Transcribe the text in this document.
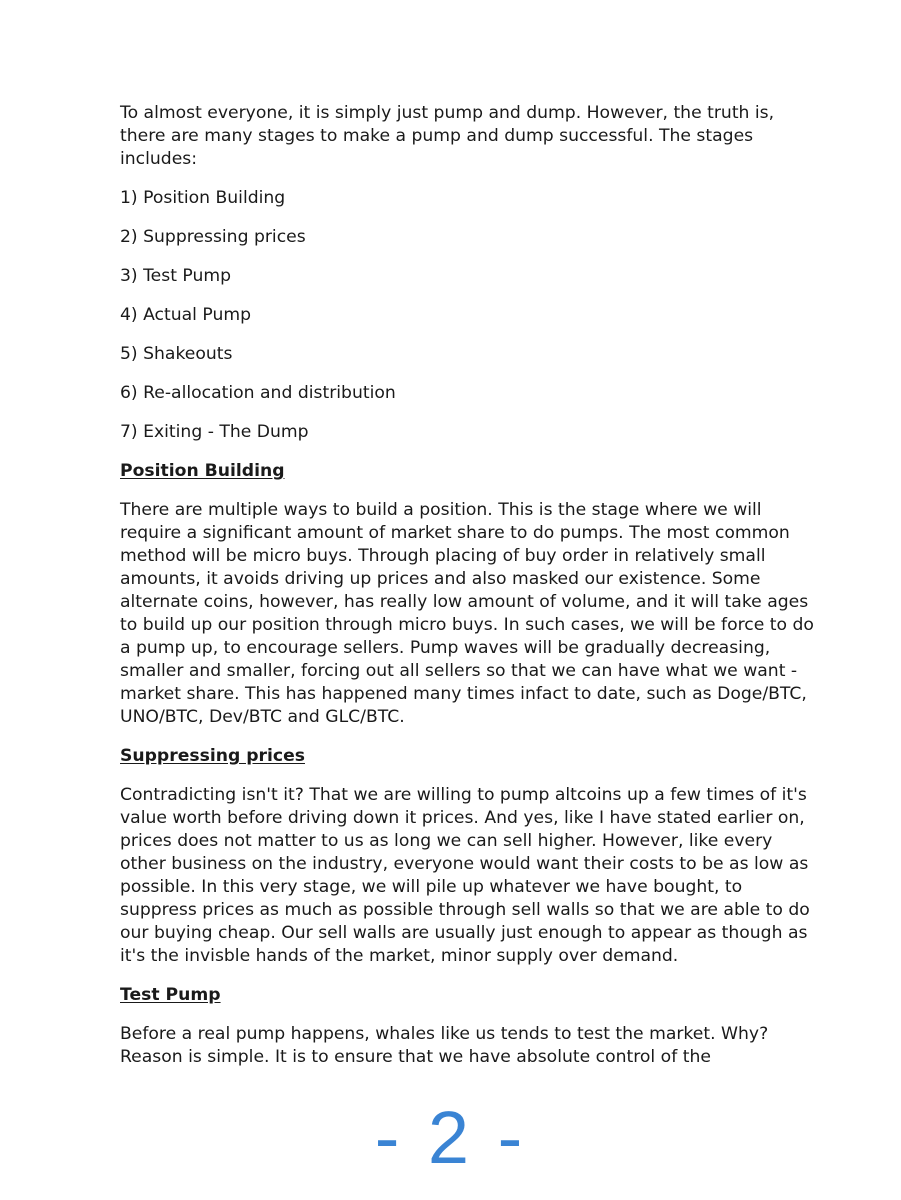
To almost everyone, it is simply just pump and dump. However, the truth is, there are many stages to make a pump and dump successful. The stages includes:

1) Position Building
2) Suppressing prices
3) Test Pump
4) Actual Pump
5) Shakeouts
6) Re-allocation and distribution
7) Exiting - The Dump
Position Building

There are multiple ways to build a position. This is the stage where we will require a significant amount of market share to do pumps. The most common method will be micro buys. Through placing of buy order in relatively small amounts, it avoids driving up prices and also masked our existence. Some alternate coins, however, has really low amount of volume, and it will take ages to build up our position through micro buys. In such cases, we will be force to do a pump up, to encourage sellers. Pump waves will be gradually decreasing, smaller and smaller, forcing out all sellers so that we can have what we want - market share. This has happened many times infact to date, such as Doge/BTC, UNO/BTC, Dev/BTC and GLC/BTC.

Suppressing prices

Contradicting isn't it? That we are willing to pump altcoins up a few times of it's value worth before driving down it prices. And yes, like I have stated earlier on, prices does not matter to us as long we can sell higher. However, like every other business on the industry, everyone would want their costs to be as low as possible. In this very stage, we will pile up whatever we have bought, to suppress prices as much as possible through sell walls so that we are able to do our buying cheap. Our sell walls are usually just enough to appear as though as it's the invisble hands of the market, minor supply over demand.

Test Pump

Before a real pump happens, whales like us tends to test the market. Why? Reason is simple. It is to ensure that we have absolute control of the

- 2 -
